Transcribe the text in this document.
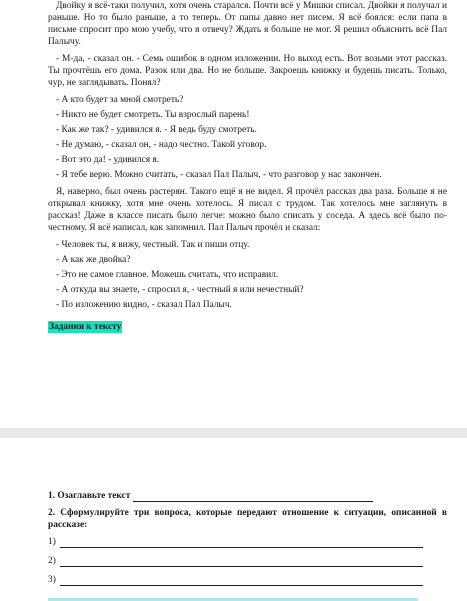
Двойку я всё-таки получил, хотя очень старался. Почти всё у Мишки списал. Двойки я получал и раньше. Но то было раньше, а то теперь. От папы давно нет писем. Я всё боялся: если папа в письме спросит про мою учебу, что я отвечу? Ждать я больше не мог. Я решил объяснить всё Пал Палычу.

- М-да, - сказал он. - Семь ошибок в одном изложении. Но выход есть. Вот возьми этот рассказ. Ты прочтёшь его дома. Разок или два. Но не больше. Закроешь книжку и будешь писать. Только, чур, не заглядывать. Понял?

- А кто будет за мной смотреть?

- Никто не будет смотреть. Ты взрослый парень!

- Как же так? - удивился я. - Я ведь буду смотреть.

- Не думаю, - сказал он, - надо честно. Такой уговор.

- Вот это да! - удивился я.

- Я тебе верю. Можно считать, - сказал Пал Палыч, - что разговор у нас закончен.

Я, наверно, был очень растерян. Такого ещё я не видел. Я прочёл рассказ два раза. Больше я не открывал книжку, хотя мне очень хотелось. Я писал с трудом. Так хотелось мне заглянуть в рассказ! Даже в классе писать было легче: можно было списать у соседа. А здесь всё было по-честному. Я всё написал, как запомнил. Пал Палыч прочёл и сказал:

- Человек ты, я вижу, честный. Так и пиши отцу.

- А как же двойка?

- Это не самое главное. Можешь считать, что исправил.

- А откуда вы знаете, - спросил я, - честный я или нечестный?

- По изложению видно, - сказал Пал Палыч.

Задания к тексту

1. Озаглавьте текст

2. Сформулируйте три вопроса, которые передают отношение к ситуации, описанной в рассказе:

1)
2)
3)
